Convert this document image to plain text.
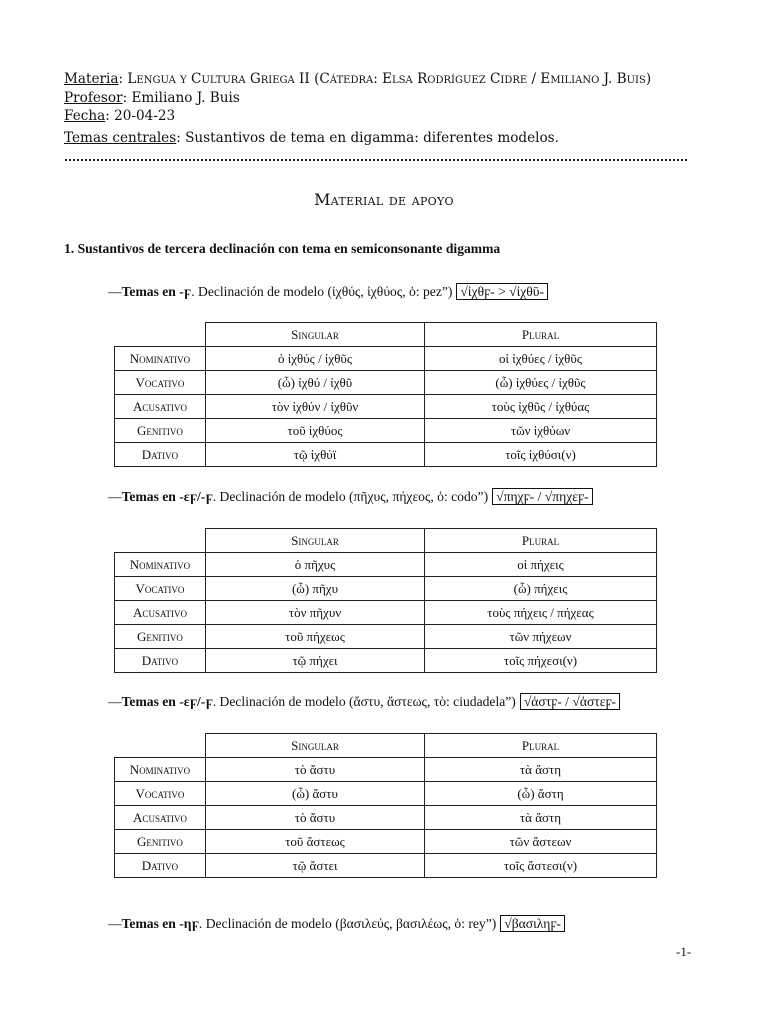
Materia: Lengua y Cultura Griega II (Cátedra: Elsa Rodríguez Cidre / Emiliano J. Buis)
Profesor: Emiliano J. Buis
Fecha: 20-04-23
Temas centrales: Sustantivos de tema en digamma: diferentes modelos.
Material de apoyo
1. Sustantivos de tercera declinación con tema en semiconsonante digamma
—Temas en -ϝ. Declinación de modelo (ἰχθύς, ἰχθύος, ὁ: pez”) √ἰχθϝ- > √ἰχθῡ-
	Singular	Plural
Nominativo	ὁ ἰχθύς / ἰχθῦς	οἱ ἰχθύες / ἰχθῦς
Vocativo	(ὦ) ἰχθύ / ἰχθῦ	(ὦ) ἰχθύες / ἰχθῦς
Acusativo	τὸν ἰχθύν / ἰχθῦν	τοὺς ἰχθῦς / ἰχθύας
Genitivo	τοῦ ἰχθύος	τῶν ἰχθύων
Dativo	τῷ ἰχθύϊ	τοῖς ἰχθύσι(ν)
—Temas en -εϝ/-ϝ. Declinación de modelo (πῆχυς, πήχεος, ὁ: codo”) √πηχϝ- / √πηχεϝ-
	Singular	Plural
Nominativo	ὁ πῆχυς	οἱ πήχεις
Vocativo	(ὦ) πῆχυ	(ὦ) πήχεις
Acusativo	τὸν πῆχυν	τοὺς πήχεις / πήχεας
Genitivo	τοῦ πήχεως	τῶν πήχεων
Dativo	τῷ πήχει	τοῖς πήχεσι(ν)
—Temas en -εϝ/-ϝ. Declinación de modelo (ἄστυ, ἄστεως, τὸ: ciudadela”) √ἀστϝ- / √ἀστεϝ-
	Singular	Plural
Nominativo	τὸ ἄστυ	τὰ ἄστη
Vocativo	(ὦ) ἄστυ	(ὦ) ἄστη
Acusativo	τὸ ἄστυ	τὰ ἄστη
Genitivo	τοῦ ἄστεως	τῶν ἄστεων
Dativo	τῷ ἄστει	τοῖς ἄστεσι(ν)
—Temas en -ηϝ. Declinación de modelo (βασιλεύς, βασιλέως, ὁ: rey”) √βασιληϝ-
-1-
